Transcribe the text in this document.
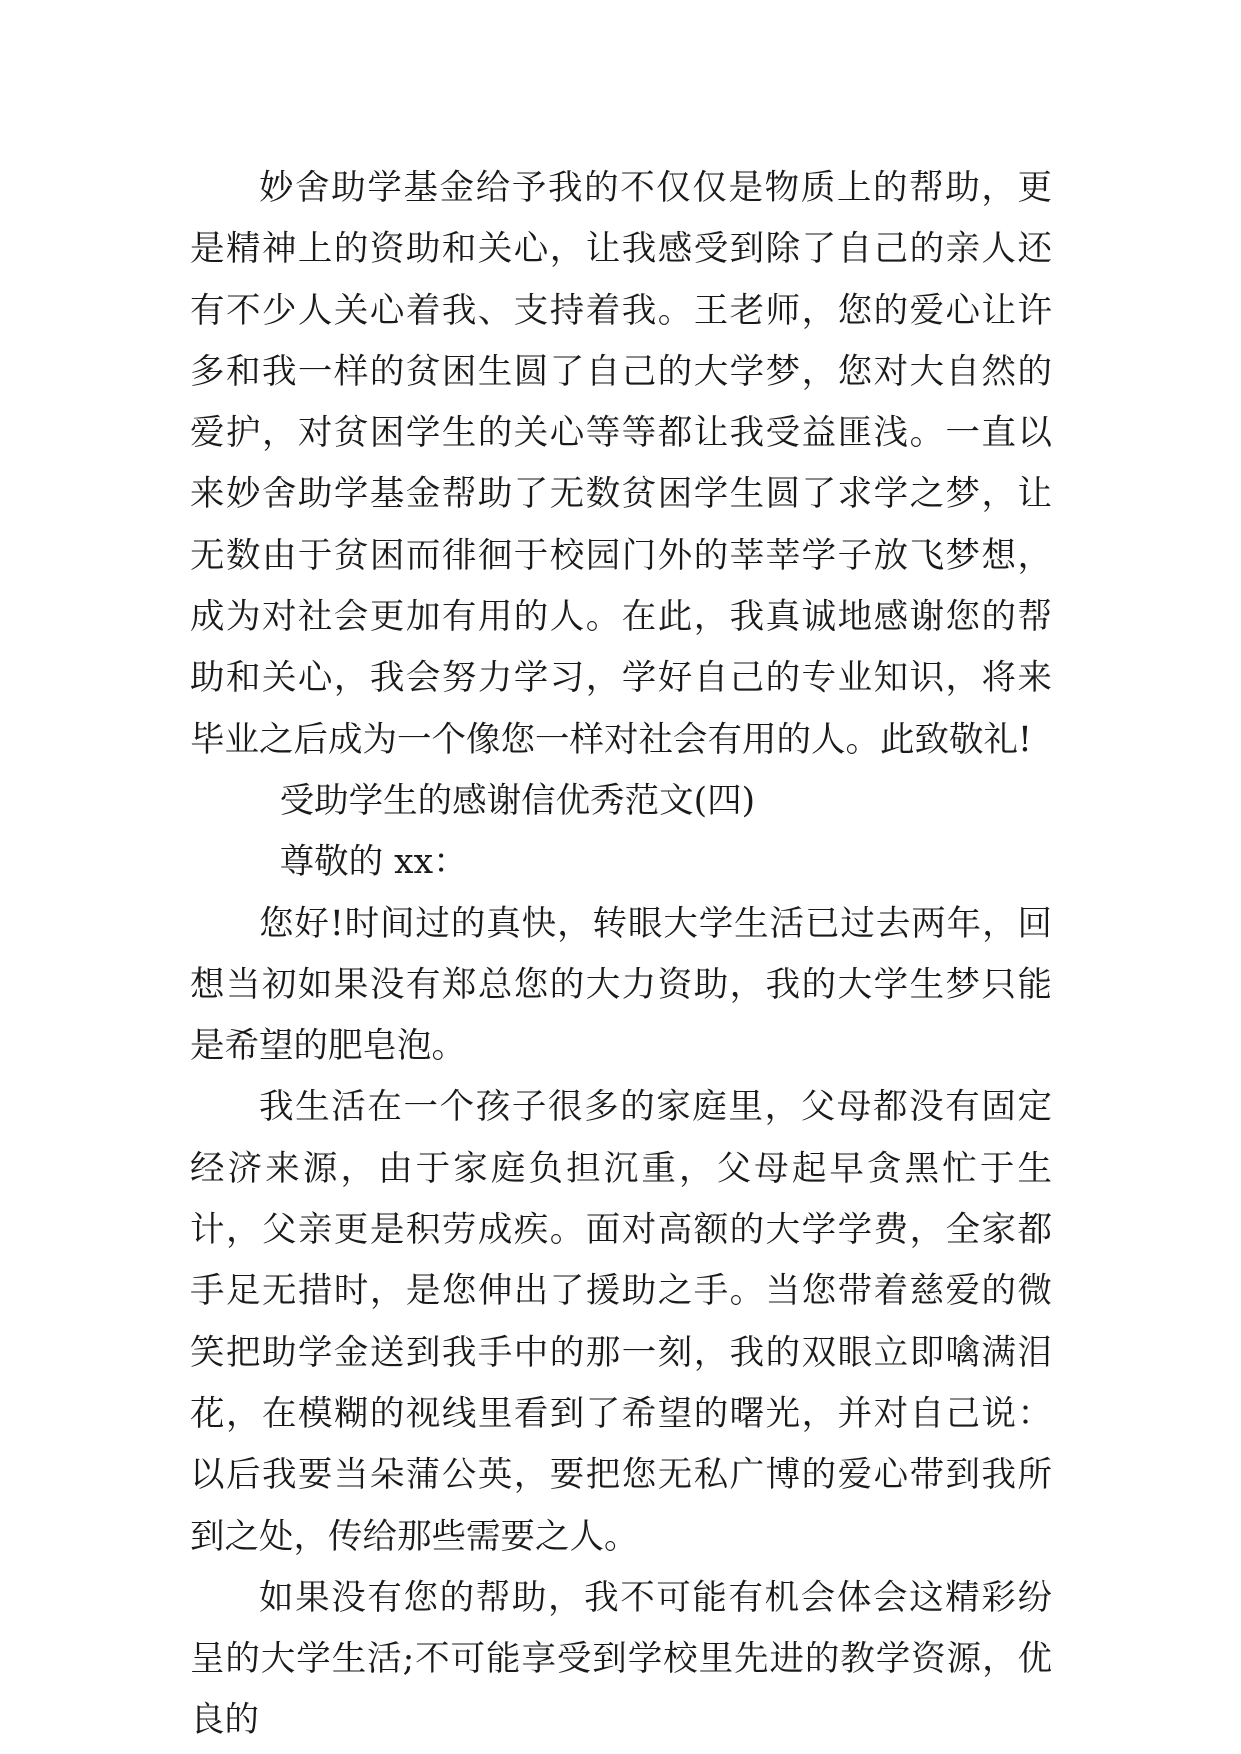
妙舍助学基金给予我的不仅仅是物质上的帮助，更是精神上的资助和关心，让我感受到除了自己的亲人还有不少人关心着我、支持着我。王老师，您的爱心让许多和我一样的贫困生圆了自己的大学梦，您对大自然的爱护，对贫困学生的关心等等都让我受益匪浅。一直以来妙舍助学基金帮助了无数贫困学生圆了求学之梦，让无数由于贫困而徘徊于校园门外的莘莘学子放飞梦想，成为对社会更加有用的人。在此，我真诚地感谢您的帮助和关心，我会努力学习，学好自己的专业知识，将来毕业之后成为一个像您一样对社会有用的人。此致敬礼!

受助学生的感谢信优秀范文(四)

尊敬的 xx：

您好!时间过的真快，转眼大学生活已过去两年，回想当初如果没有郑总您的大力资助，我的大学生梦只能是希望的肥皂泡。

我生活在一个孩子很多的家庭里，父母都没有固定经济来源，由于家庭负担沉重，父母起早贪黑忙于生计，父亲更是积劳成疾。面对高额的大学学费，全家都手足无措时，是您伸出了援助之手。当您带着慈爱的微笑把助学金送到我手中的那一刻，我的双眼立即噙满泪花，在模糊的视线里看到了希望的曙光，并对自己说：以后我要当朵蒲公英，要把您无私广博的爱心带到我所到之处，传给那些需要之人。

如果没有您的帮助，我不可能有机会体会这精彩纷呈的大学生活;不可能享受到学校里先进的教学资源，优良的
